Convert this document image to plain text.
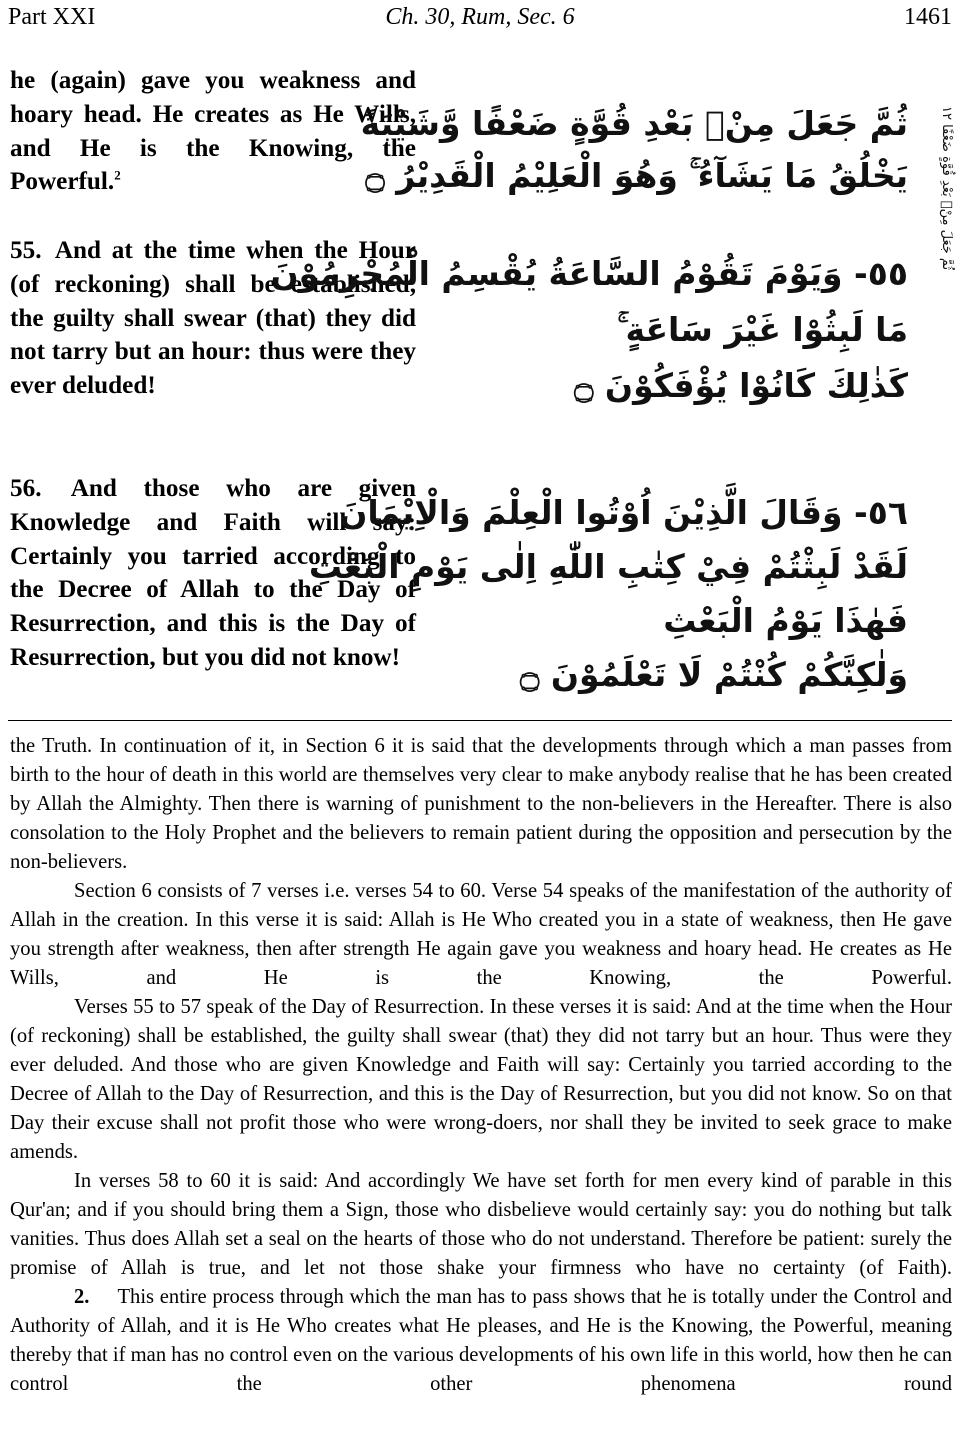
Part XXI	Ch. 30, Rum, Sec. 6	1461
he (again) gave you weakness and hoary head. He creates as He Wills, and He is the Knowing, the Powerful.$^2$
ثُمَّ جَعَلَ مِنْۢ بَعْدِ قُوَّةٍ ضَعْفًا وَّشَيْبَةً
يَخْلُقُ مَا يَشَآءُ ۚ وَهُوَ الْعَلِيْمُ الْقَدِيْرُ ۝
55. And at the time when the Hour (of reckoning) shall be established, the guilty shall swear (that) they did not tarry but an hour: thus were they ever deluded!
٥٥- وَيَوْمَ تَقُوْمُ السَّاعَةُ يُقْسِمُ الْمُجْرِمُوْنَ
مَا لَبِثُوْا غَيْرَ سَاعَةٍ ۚ
كَذٰلِكَ كَانُوْا يُؤْفَكُوْنَ ۝
56. And those who are given Knowledge and Faith will say: Certainly you tarried according to the Decree of Allah to the Day of Resurrection, and this is the Day of Resurrection, but you did not know!
٥٦- وَقَالَ الَّذِيْنَ اُوْتُوا الْعِلْمَ وَالْاِيْمَانَ
لَقَدْ لَبِثْتُمْ فِيْ كِتٰبِ اللّٰهِ اِلٰى يَوْمِ الْبَعْثِ
فَهٰذَا يَوْمُ الْبَعْثِ
وَلٰكِنَّكُمْ كُنْتُمْ لَا تَعْلَمُوْنَ ۝
ثُمَّ جَعَلَ مِنْۢ بَعْدِ قُوَّةٍ ضَعْفًا ۱۲

the Truth. In continuation of it, in Section 6 it is said that the developments through which a man passes from birth to the hour of death in this world are themselves very clear to make anybody realise that he has been created by Allah the Almighty. Then there is warning of punishment to the non-believers in the Hereafter. There is also consolation to the Holy Prophet and the believers to remain patient during the opposition and persecution by the non-believers.

Section 6 consists of 7 verses i.e. verses 54 to 60. Verse 54 speaks of the manifestation of the authority of Allah in the creation. In this verse it is said: Allah is He Who created you in a state of weakness, then He gave you strength after weakness, then after strength He again gave you weakness and hoary head. He creates as He Wills, and He is the Knowing, the Powerful.

Verses 55 to 57 speak of the Day of Resurrection. In these verses it is said: And at the time when the Hour (of reckoning) shall be established, the guilty shall swear (that) they did not tarry but an hour. Thus were they ever deluded. And those who are given Knowledge and Faith will say: Certainly you tarried according to the Decree of Allah to the Day of Resurrection, and this is the Day of Resurrection, but you did not know. So on that Day their excuse shall not profit those who were wrong-doers, nor shall they be invited to seek grace to make amends.

In verses 58 to 60 it is said: And accordingly We have set forth for men every kind of parable in this Qur'an; and if you should bring them a Sign, those who disbelieve would certainly say: you do nothing but talk vanities. Thus does Allah set a seal on the hearts of those who do not understand. Therefore be patient: surely the promise of Allah is true, and let not those shake your firmness who have no certainty (of Faith).

2. This entire process through which the man has to pass shows that he is totally under the Control and Authority of Allah, and it is He Who creates what He pleases, and He is the Knowing, the Powerful, meaning thereby that if man has no control even on the various developments of his own life in this world, how then he can control the other phenomena round
